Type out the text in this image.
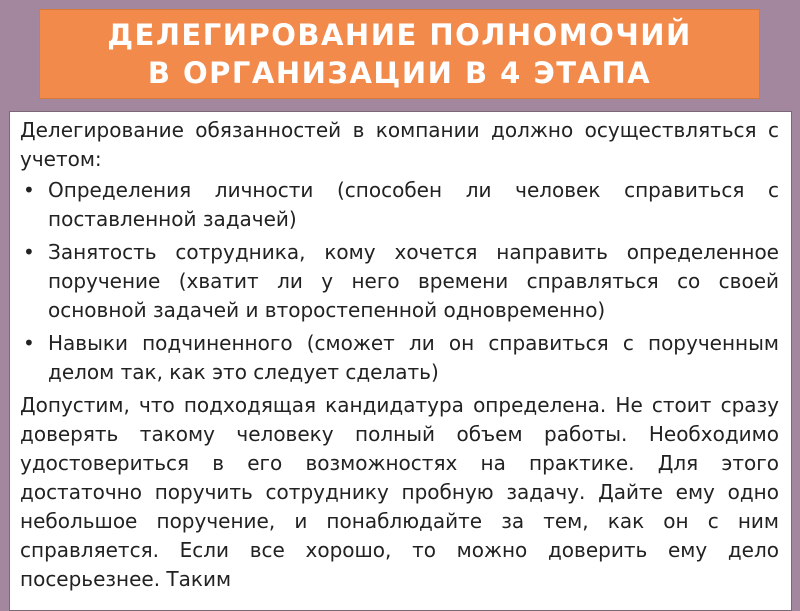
ДЕЛЕГИРОВАНИЕ ПОЛНОМОЧИЙ
В ОРГАНИЗАЦИИ В 4 ЭТАПА

Делегирование обязанностей в компании должно осуществляться с учетом:

• Определения личности (способен ли человек справиться с поставленной задачей)
• Занятость сотрудника, кому хочется направить определенное поручение (хватит ли у него времени справляться со своей основной задачей и второстепенной одновременно)
• Навыки подчиненного (сможет ли он справиться с порученным делом так, как это следует сделать)

Допустим, что подходящая кандидатура определена. Не стоит сразу доверять такому человеку полный объем работы. Необходимо удостовериться в его возможностях на практике. Для этого достаточно поручить сотруднику пробную задачу. Дайте ему одно небольшое поручение, и понаблюдайте за тем, как он с ним справляется. Если все хорошо, то можно доверить ему дело посерьезнее. Таким
